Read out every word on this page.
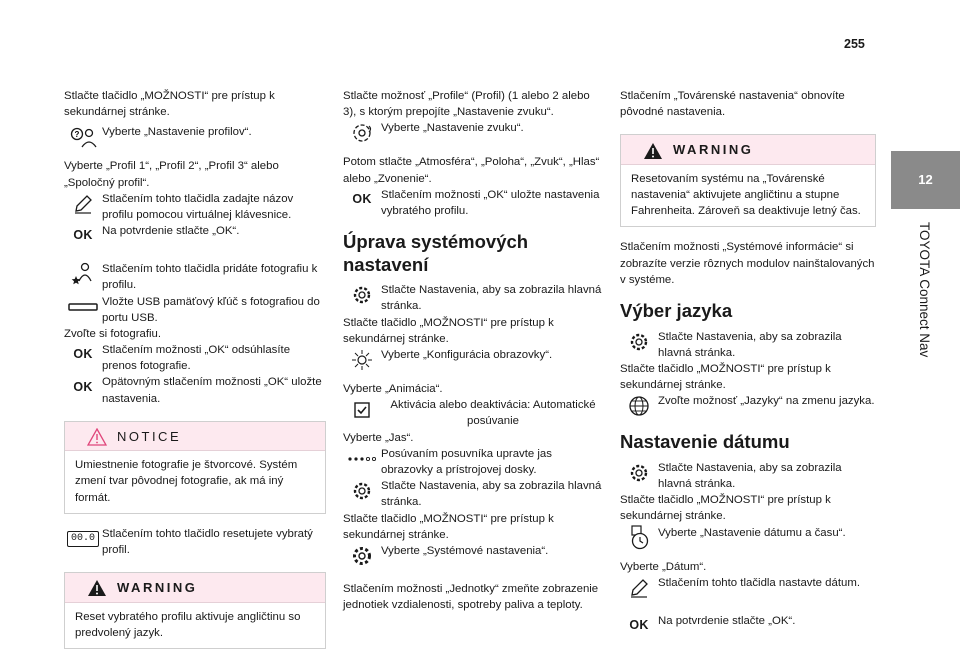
255
12
TOYOTA Connect Nav

Stlačte tlačidlo „MOŽNOSTI“ pre prístup k sekundárnej stránke.

? Vyberte „Nastavenie profilov“.

Vyberte „Profil 1“, „Profil 2“, „Profil 3“ alebo „Spoločný profil“.

Stlačením tohto tlačidla zadajte názov profilu pomocou virtuálnej klávesnice.
OK Na potvrdenie stlačte „OK“.
Stlačením tohto tlačidla pridáte fotografiu k profilu.
Vložte USB pamäťový kľúč s fotografiou do portu USB.

Zvoľte si fotografiu.

OK Stlačením možnosti „OK“ odsúhlasíte prenos fotografie.
OK Opätovným stlačením možnosti „OK“ uložte nastavenia.
NOTICE
Umiestnenie fotografie je štvorcové. Systém zmení tvar pôvodnej fotografie, ak má iný formát.
00.0 Stlačením tohto tlačidlo resetujete vybratý profil.
WARNING
Reset vybratého profilu aktivuje angličtinu so predvolený jazyk.

Stlačte možnosť „Profile“ (Profil) (1 alebo 2 alebo 3), s ktorým prepojíte „Nastavenie zvuku“.

Vyberte „Nastavenie zvuku“.

Potom stlačte „Atmosféra“, „Poloha“, „Zvuk“, „Hlas“ alebo „Zvonenie“.

OK Stlačením možnosti „OK“ uložte nastavenia vybratého profilu.
Úprava systémových nastavení
Stlačte Nastavenia, aby sa zobrazila hlavná stránka.

Stlačte tlačidlo „MOŽNOSTI“ pre prístup k sekundárnej stránke.

Vyberte „Konfigurácia obrazovky“.

Vyberte „Animácia“.

Aktivácia alebo deaktivácia: Automatické posúvanie

Vyberte „Jas“.

Posúvaním posuvníka upravte jas obrazovky a prístrojovej dosky.
Stlačte Nastavenia, aby sa zobrazila hlavná stránka.

Stlačte tlačidlo „MOŽNOSTI“ pre prístup k sekundárnej stránke.

Vyberte „Systémové nastavenia“.

Stlačením možnosti „Jednotky“ zmeňte zobrazenie jednotiek vzdialenosti, spotreby paliva a teploty.

Stlačením „Továrenské nastavenia“ obnovíte pôvodné nastavenia.

WARNING
Resetovaním systému na „Továrenské nastavenia“ aktivujete angličtinu a stupne Fahrenheita. Zároveň sa deaktivuje letný čas.

Stlačením možnosti „Systémové informácie“ si zobrazíte verzie rôznych modulov nainštalovaných v systéme.

Výber jazyka
Stlačte Nastavenia, aby sa zobrazila hlavná stránka.

Stlačte tlačidlo „MOŽNOSTI“ pre prístup k sekundárnej stránke.

Zvoľte možnosť „Jazyky“ na zmenu jazyka.
Nastavenie dátumu
Stlačte Nastavenia, aby sa zobrazila hlavná stránka.

Stlačte tlačidlo „MOŽNOSTI“ pre prístup k sekundárnej stránke.

Vyberte „Nastavenie dátumu a času“.

Vyberte „Dátum“.

Stlačením tohto tlačidla nastavte dátum.
OK Na potvrdenie stlačte „OK“.
